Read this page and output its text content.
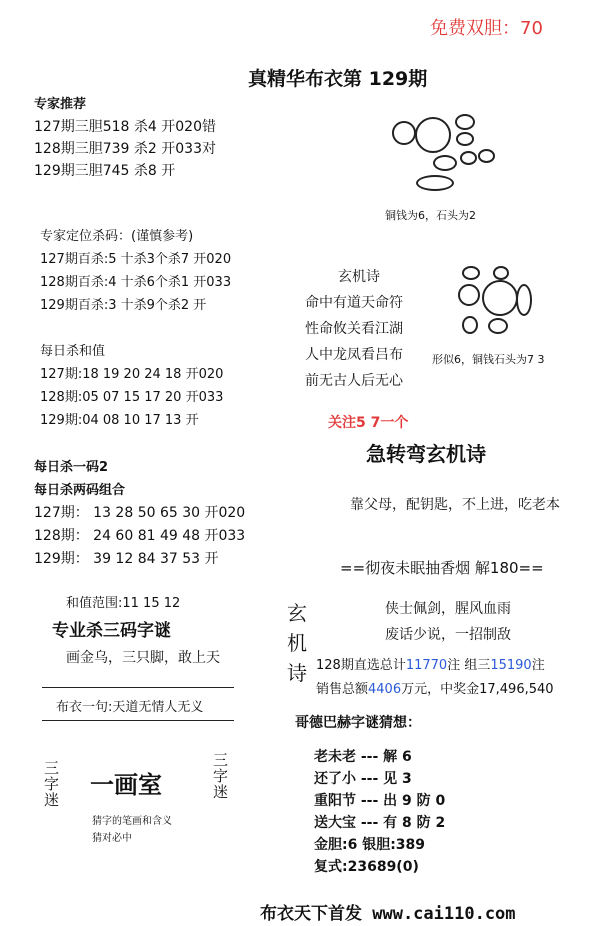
免费双胆：70
真精华布衣第 129期
专家推荐
127期三胆518 杀4 开020错
128期三胆739 杀2 开033对
129期三胆745 杀8 开
专家定位杀码：(谨慎参考)
127期百杀:5 十杀3个杀7 开020
128期百杀:4 十杀6个杀1 开033
129期百杀:3 十杀9个杀2 开
每日杀和值
127期:18 19 20 24 18 开020
128期:05 07 15 17 20 开033
129期:04 08 10 17 13 开
每日杀一码2
每日杀两码组合
127期： 13 28 50 65 30 开020
128期： 24 60 81 49 48 开033
129期： 39 12 84 37 53 开
和值范围:11 15 12
专业杀三码字谜
画金乌，三只脚，敢上天
布衣一句:天道无情人无义
三字迷 一画室	三字迷
猜字的笔画和含义
猜对必中
铜钱为6，石头为2
玄机诗
命中有道天命符
性命攸关看江湖
人中龙凤看吕布
前无古人后无心
形似6，铜钱石头为7 3
关注5 7一个
急转弯玄机诗
靠父母，配钥匙，不上进，吃老本
==彻夜未眠抽香烟 解180==
玄
机
诗
侠士佩剑，腥风血雨
废话少说，一招制敌
128期直选总计11770注 组三15190注
销售总额4406万元，中奖金17,496,540
哥德巴赫字谜猜想：
老未老 --- 解 6
还了小 --- 见 3
重阳节 --- 出 9 防 0
送大宝 --- 有 8 防 2
金胆:6 银胆:389
复式:23689(0)
布衣天下首发 www.cai110.com
